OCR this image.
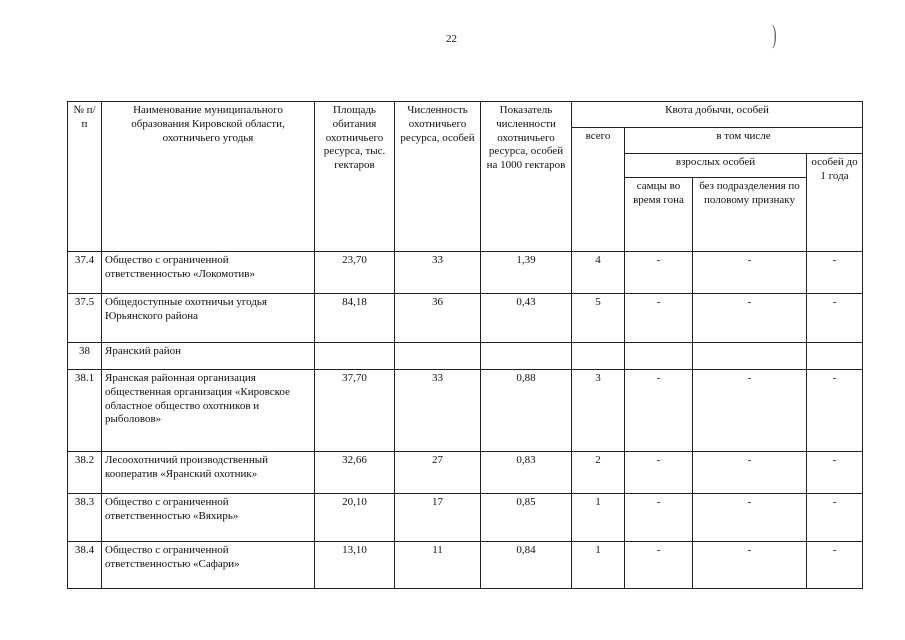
22	)
№ п/п	Наименование муниципального образования Кировской области, охотничьего угодья	Площадь обитания охотничьего ресурса, тыс. гектаров	Численность охотничьего ресурса, особей	Показатель численности охотничьего ресурса, особей на 1000 гектаров	Квота добычи, особей			
					всего	в том числе		
						взрослых особей		особей до 1 года
						самцы во время гона	без подразделения по половому признаку	
37.4	Общество с ограниченной ответственностью «Локомотив»	23,70	33	1,39	4	-	-	-
37.5	Общедоступные охотничьи угодья Юрьянского района	84,18	36	0,43	5	-	-	-
38	Яранский район							
38.1	Яранская районная организация общественная организация «Кировское областное общество охотников и рыболовов»	37,70	33	0,88	3	-	-	-
38.2	Лесоохотничий производственный кооператив «Яранский охотник»	32,66	27	0,83	2	-	-	-
38.3	Общество с ограниченной ответственностью «Вяхирь»	20,10	17	0,85	1	-	-	-
38.4	Общество с ограниченной ответственностью «Сафари»	13,10	11	0,84	1	-	-	-
